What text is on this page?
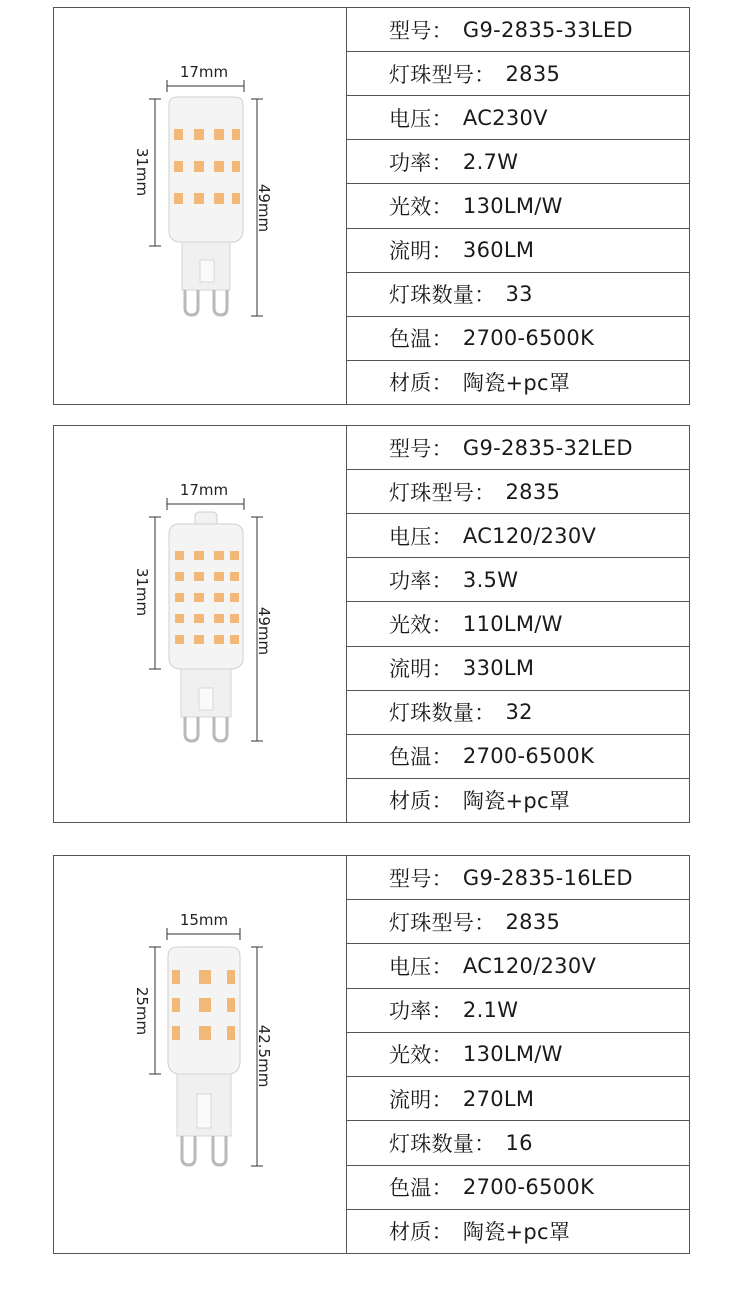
17mm
31mm
49mm
型号： G9-2835-33LED
灯珠型号： 2835
电压： AC230V
功率： 2.7W
光效： 130LM/W
流明： 360LM
灯珠数量： 33
色温： 2700-6500K
材质： 陶瓷+pc罩
17mm
31mm
49mm
型号： G9-2835-32LED
灯珠型号： 2835
电压： AC120/230V
功率： 3.5W
光效： 110LM/W
流明： 330LM
灯珠数量： 32
色温： 2700-6500K
材质： 陶瓷+pc罩
15mm
25mm
42.5mm
型号： G9-2835-16LED
灯珠型号： 2835
电压： AC120/230V
功率： 2.1W
光效： 130LM/W
流明： 270LM
灯珠数量： 16
色温： 2700-6500K
材质： 陶瓷+pc罩
